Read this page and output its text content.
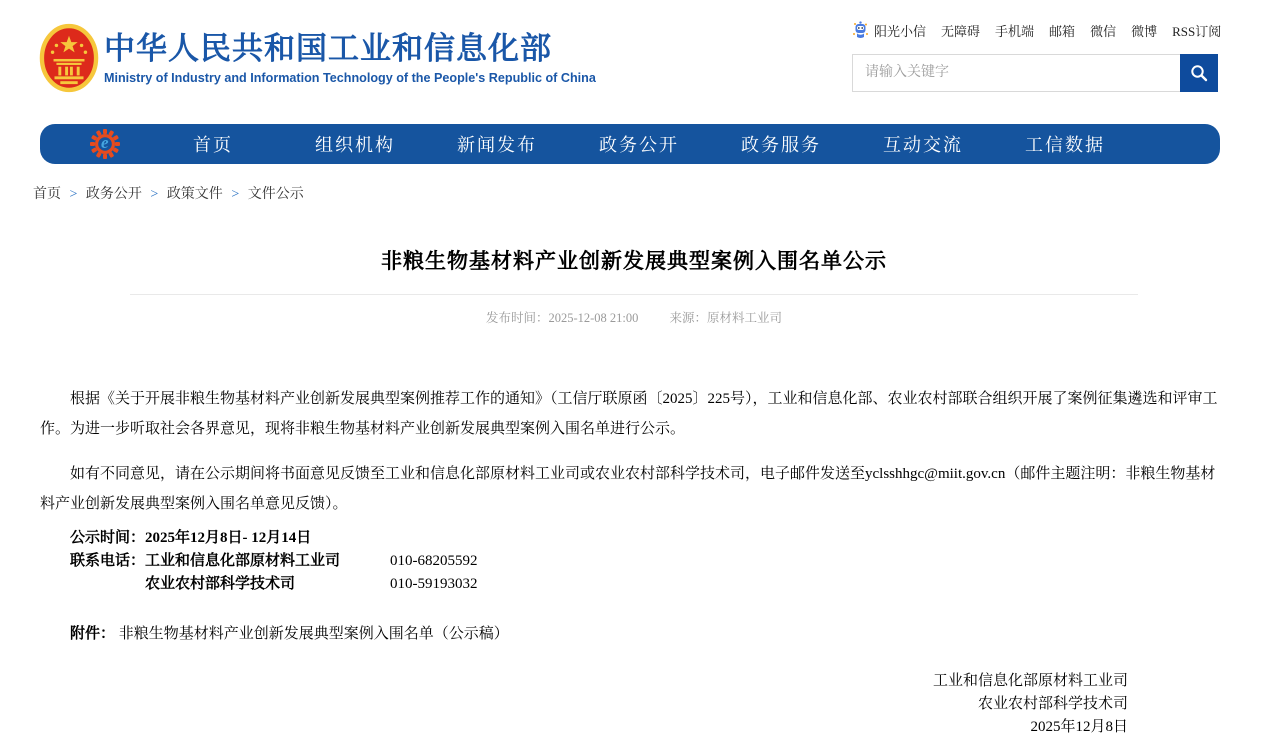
中华人民共和国工业和信息化部
Ministry of Industry and Information Technology of the People's Republic of China
阳光小信 无障碍 手机端 邮箱 微信 微博 RSS订阅
请输入关键字
e	首页	组织机构	新闻发布	政务公开	政务服务	互动交流	工信数据
首页 > 政务公开 > 政策文件 > 文件公示
非粮生物基材料产业创新发展典型案例入围名单公示
发布时间：2025-12-08 21:00 来源：原材料工业司

根据《关于开展非粮生物基材料产业创新发展典型案例推荐工作的通知》（工信厅联原函〔2025〕225号），工业和信息化部、农业农村部联合组织开展了案例征集遴选和评审工作。为进一步听取社会各界意见，现将非粮生物基材料产业创新发展典型案例入围名单进行公示。

如有不同意见，请在公示期间将书面意见反馈至工业和信息化部原材料工业司或农业农村部科学技术司，电子邮件发送至yclsshhgc@miit.gov.cn（邮件主题注明：非粮生物基材料产业创新发展典型案例入围名单意见反馈）。

公示时间： 2025年12月8日- 12月14日
联系电话： 工业和信息化部原材料工业司	010-68205592
农业农村部科学技术司	010-59193032
附件： 非粮生物基材料产业创新发展典型案例入围名单（公示稿）
工业和信息化部原材料工业司
农业农村部科学技术司
2025年12月8日
